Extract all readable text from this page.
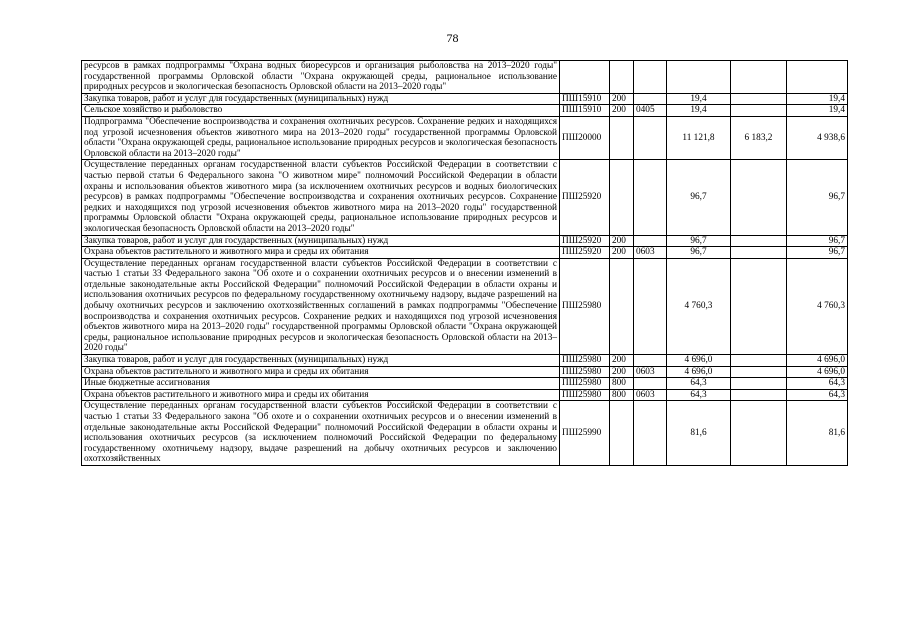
78
ресурсов в рамках подпрограммы "Охрана водных биоресурсов и организация рыболовства на 2013–2020 годы" государственной программы Орловской области "Охрана окружающей среды, рациональное использование природных ресурсов и экологическая безопасность Орловской области на 2013–2020 годы"						
Закупка товаров, работ и услуг для государственных (муниципальных) нужд	ПШ15910	200		19,4		19,4
Сельское хозяйство и рыболовство	ПШ15910	200	0405	19,4		19,4
Подпрограмма "Обеспечение воспроизводства и сохранения охотничьих ресурсов. Сохранение редких и находящихся под угрозой исчезновения объектов животного мира на 2013–2020 годы" государственной программы Орловской области "Охрана окружающей среды, рациональное использование природных ресурсов и экологическая безопасность Орловской области на 2013–2020 годы"	ПШ20000			11 121,8	6 183,2	4 938,6
Осуществление переданных органам государственной власти субъектов Российской Федерации в соответствии с частью первой статьи 6 Федерального закона "О животном мире" полномочий Российской Федерации в области охраны и использования объектов животного мира (за исключением охотничьих ресурсов и водных биологических ресурсов) в рамках подпрограммы "Обеспечение воспроизводства и сохранения охотничьих ресурсов. Сохранение редких и находящихся под угрозой исчезновения объектов животного мира на 2013–2020 годы" государственной программы Орловской области "Охрана окружающей среды, рациональное использование природных ресурсов и экологическая безопасность Орловской области на 2013–2020 годы"	ПШ25920			96,7		96,7
Закупка товаров, работ и услуг для государственных (муниципальных) нужд	ПШ25920	200		96,7		96,7
Охрана объектов растительного и животного мира и среды их обитания	ПШ25920	200	0603	96,7		96,7
Осуществление переданных органам государственной власти субъектов Российской Федерации в соответствии с частью 1 статьи 33 Федерального закона "Об охоте и о сохранении охотничьих ресурсов и о внесении изменений в отдельные законодательные акты Российской Федерации" полномочий Российской Федерации в области охраны и использования охотничьих ресурсов по федеральному государственному охотничьему надзору, выдаче разрешений на добычу охотничьих ресурсов и заключению охотхозяйственных соглашений в рамках подпрограммы "Обеспечение воспроизводства и сохранения охотничьих ресурсов. Сохранение редких и находящихся под угрозой исчезновения объектов животного мира на 2013–2020 годы" государственной программы Орловской области "Охрана окружающей среды, рациональное использование природных ресурсов и экологическая безопасность Орловской области на 2013–2020 годы"	ПШ25980			4 760,3		4 760,3
Закупка товаров, работ и услуг для государственных (муниципальных) нужд	ПШ25980	200		4 696,0		4 696,0
Охрана объектов растительного и животного мира и среды их обитания	ПШ25980	200	0603	4 696,0		4 696,0
Иные бюджетные ассигнования	ПШ25980	800		64,3		64,3
Охрана объектов растительного и животного мира и среды их обитания	ПШ25980	800	0603	64,3		64,3
Осуществление переданных органам государственной власти субъектов Российской Федерации в соответствии с частью 1 статьи 33 Федерального закона "Об охоте и о сохранении охотничьих ресурсов и о внесении изменений в отдельные законодательные акты Российской Федерации" полномочий Российской Федерации в области охраны и использования охотничьих ресурсов (за исключением полномочий Российской Федерации по федеральному государственному охотничьему надзору, выдаче разрешений на добычу охотничьих ресурсов и заключению охотхозяйственных	ПШ25990			81,6		81,6
